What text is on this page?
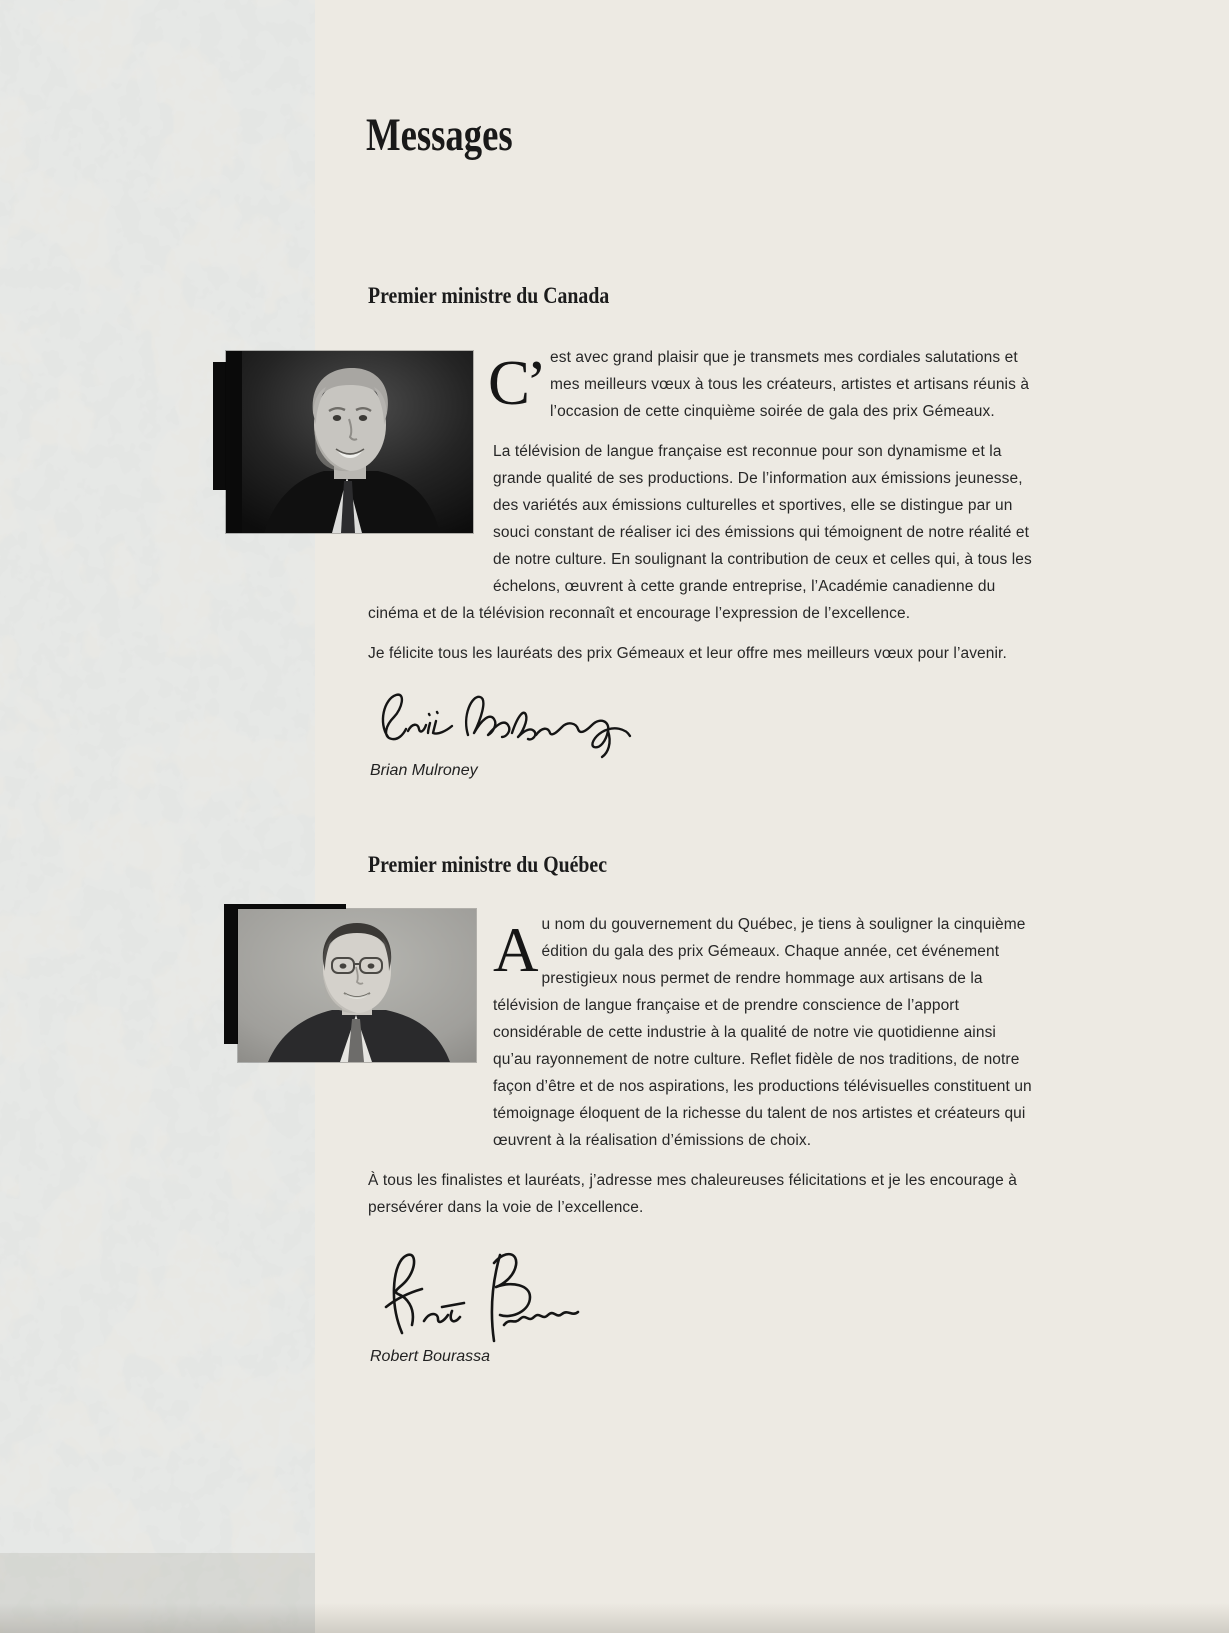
Messages
Premier ministre du Canada

C’ est avec grand plaisir que je transmets mes cordiales salutations et mes meilleurs vœux à tous les créateurs, artistes et artisans réunis à l’occasion de cette cinquième soirée de gala des prix Gémeaux.

La télévision de langue française est reconnue pour son dynamisme et la grande qualité de ses productions. De l’information aux émissions jeunesse, des variétés aux émissions culturelles et sportives, elle se distingue par un souci constant de réaliser ici des émissions qui témoignent de notre réalité et de notre culture. En soulignant la contribution de ceux et celles qui, à tous les échelons, œuvrent à cette grande entreprise, l’Académie canadienne du cinéma et de la télévision reconnaît et encourage l’expression de l’excellence.

Je félicite tous les lauréats des prix Gémeaux et leur offre mes meilleurs vœux pour l’avenir.

Brian Mulroney
Premier ministre du Québec

Au nom du gouvernement du Québec, je tiens à souligner la cinquième édition du gala des prix Gémeaux. Chaque année, cet événement prestigieux nous permet de rendre hommage aux artisans de la télévision de langue française et de prendre conscience de l’apport considérable de cette industrie à la qualité de notre vie quotidienne ainsi qu’au rayonnement de notre culture. Reflet fidèle de nos traditions, de notre façon d’être et de nos aspirations, les productions télévisuelles constituent un témoignage éloquent de la richesse du talent de nos artistes et créateurs qui œuvrent à la réalisation d’émissions de choix.

À tous les finalistes et lauréats, j’adresse mes chaleureuses félicitations et je les encourage à persévérer dans la voie de l’excellence.

Robert Bourassa
